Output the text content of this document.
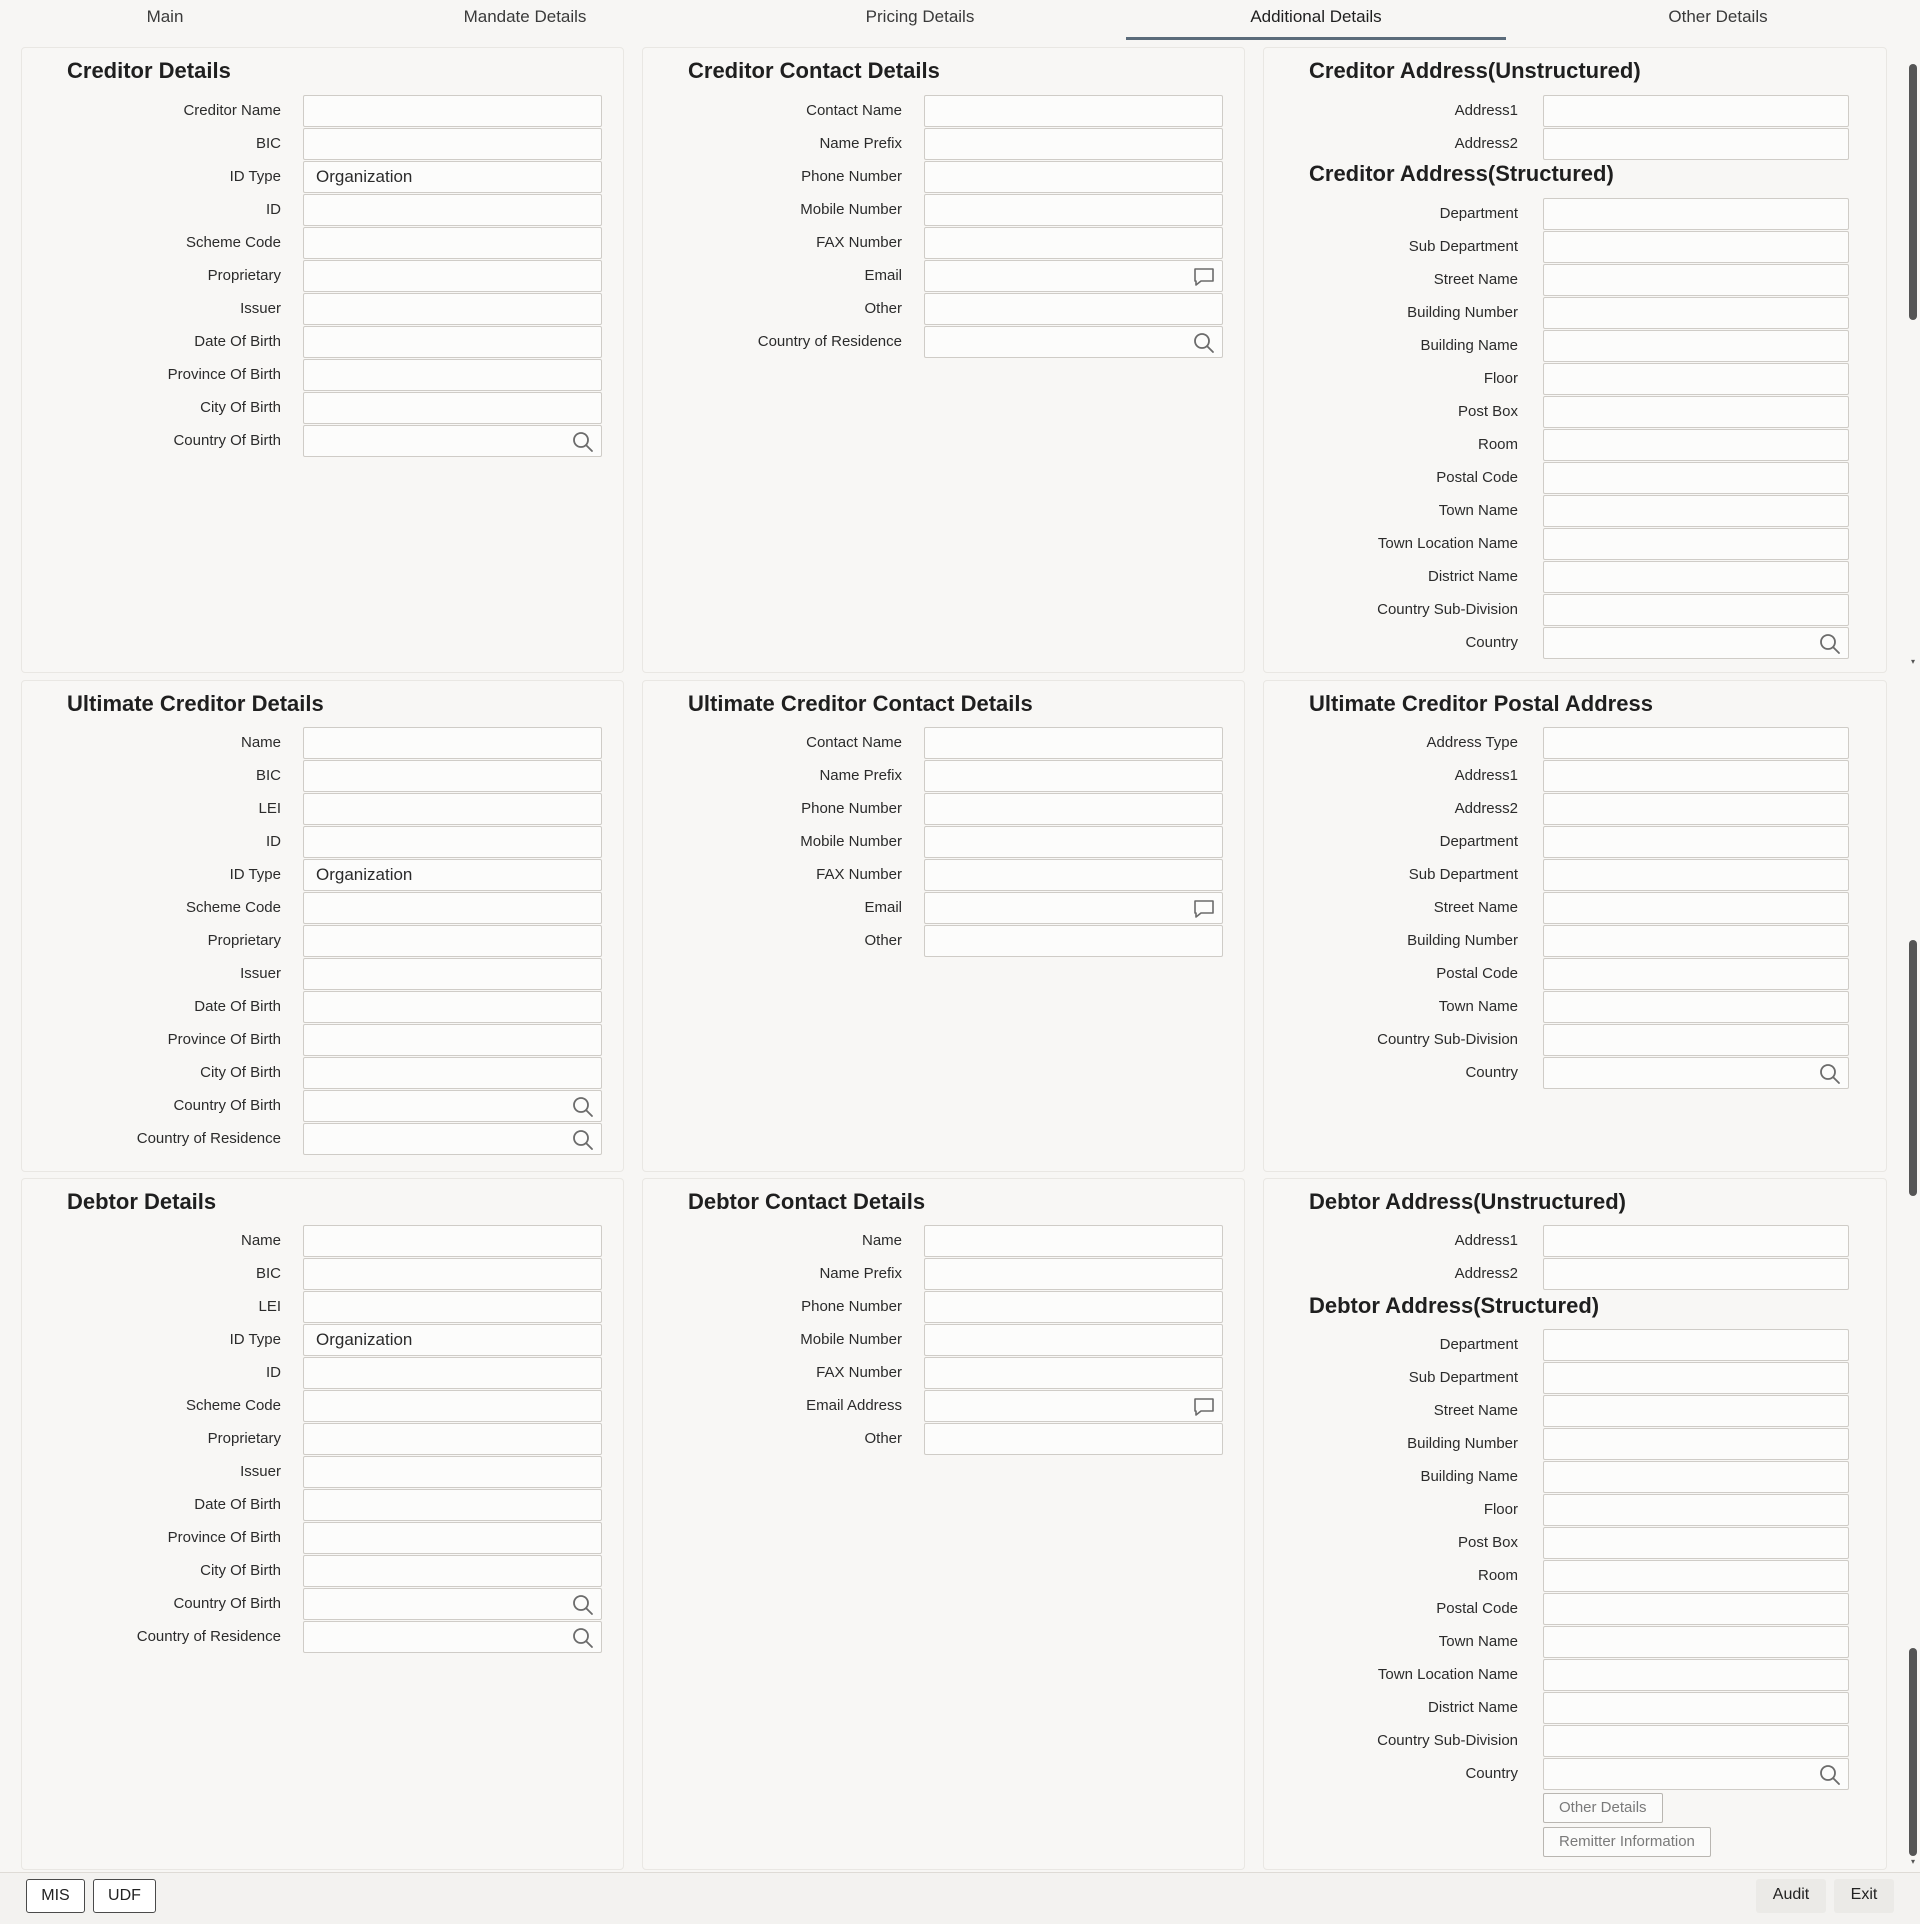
Main	Mandate Details	Pricing Details	Additional Details	Other Details
Creditor Details
Creditor Name
BIC
ID Type	Organization
ID
Scheme Code
Proprietary
Issuer
Date Of Birth
Province Of Birth
City Of Birth
Country Of Birth
Creditor Contact Details
Contact Name
Name Prefix
Phone Number
Mobile Number
FAX Number
Email
Other
Country of Residence
Creditor Address(Unstructured)
Address1
Address2
Creditor Address(Structured)
Department
Sub Department
Street Name
Building Number
Building Name
Floor
Post Box
Room
Postal Code
Town Name
Town Location Name
District Name
Country Sub-Division
Country
Ultimate Creditor Details
Name
BIC
LEI
ID
ID Type	Organization
Scheme Code
Proprietary
Issuer
Date Of Birth
Province Of Birth
City Of Birth
Country Of Birth
Country of Residence
Ultimate Creditor Contact Details
Contact Name
Name Prefix
Phone Number
Mobile Number
FAX Number
Email
Other
Ultimate Creditor Postal Address
Address Type
Address1
Address2
Department
Sub Department
Street Name
Building Number
Postal Code
Town Name
Country Sub-Division
Country
Debtor Details
Name
BIC
LEI
ID Type	Organization
ID
Scheme Code
Proprietary
Issuer
Date Of Birth
Province Of Birth
City Of Birth
Country Of Birth
Country of Residence
Debtor Contact Details
Name
Name Prefix
Phone Number
Mobile Number
FAX Number
Email Address
Other
Debtor Address(Unstructured)
Address1
Address2
Debtor Address(Structured)
Department
Sub Department
Street Name
Building Number
Building Name
Floor
Post Box
Room
Postal Code
Town Name
Town Location Name
District Name
Country Sub-Division
Country
Other Details
Remitter Information
▾
▾
MIS	UDF	Audit	Exit
